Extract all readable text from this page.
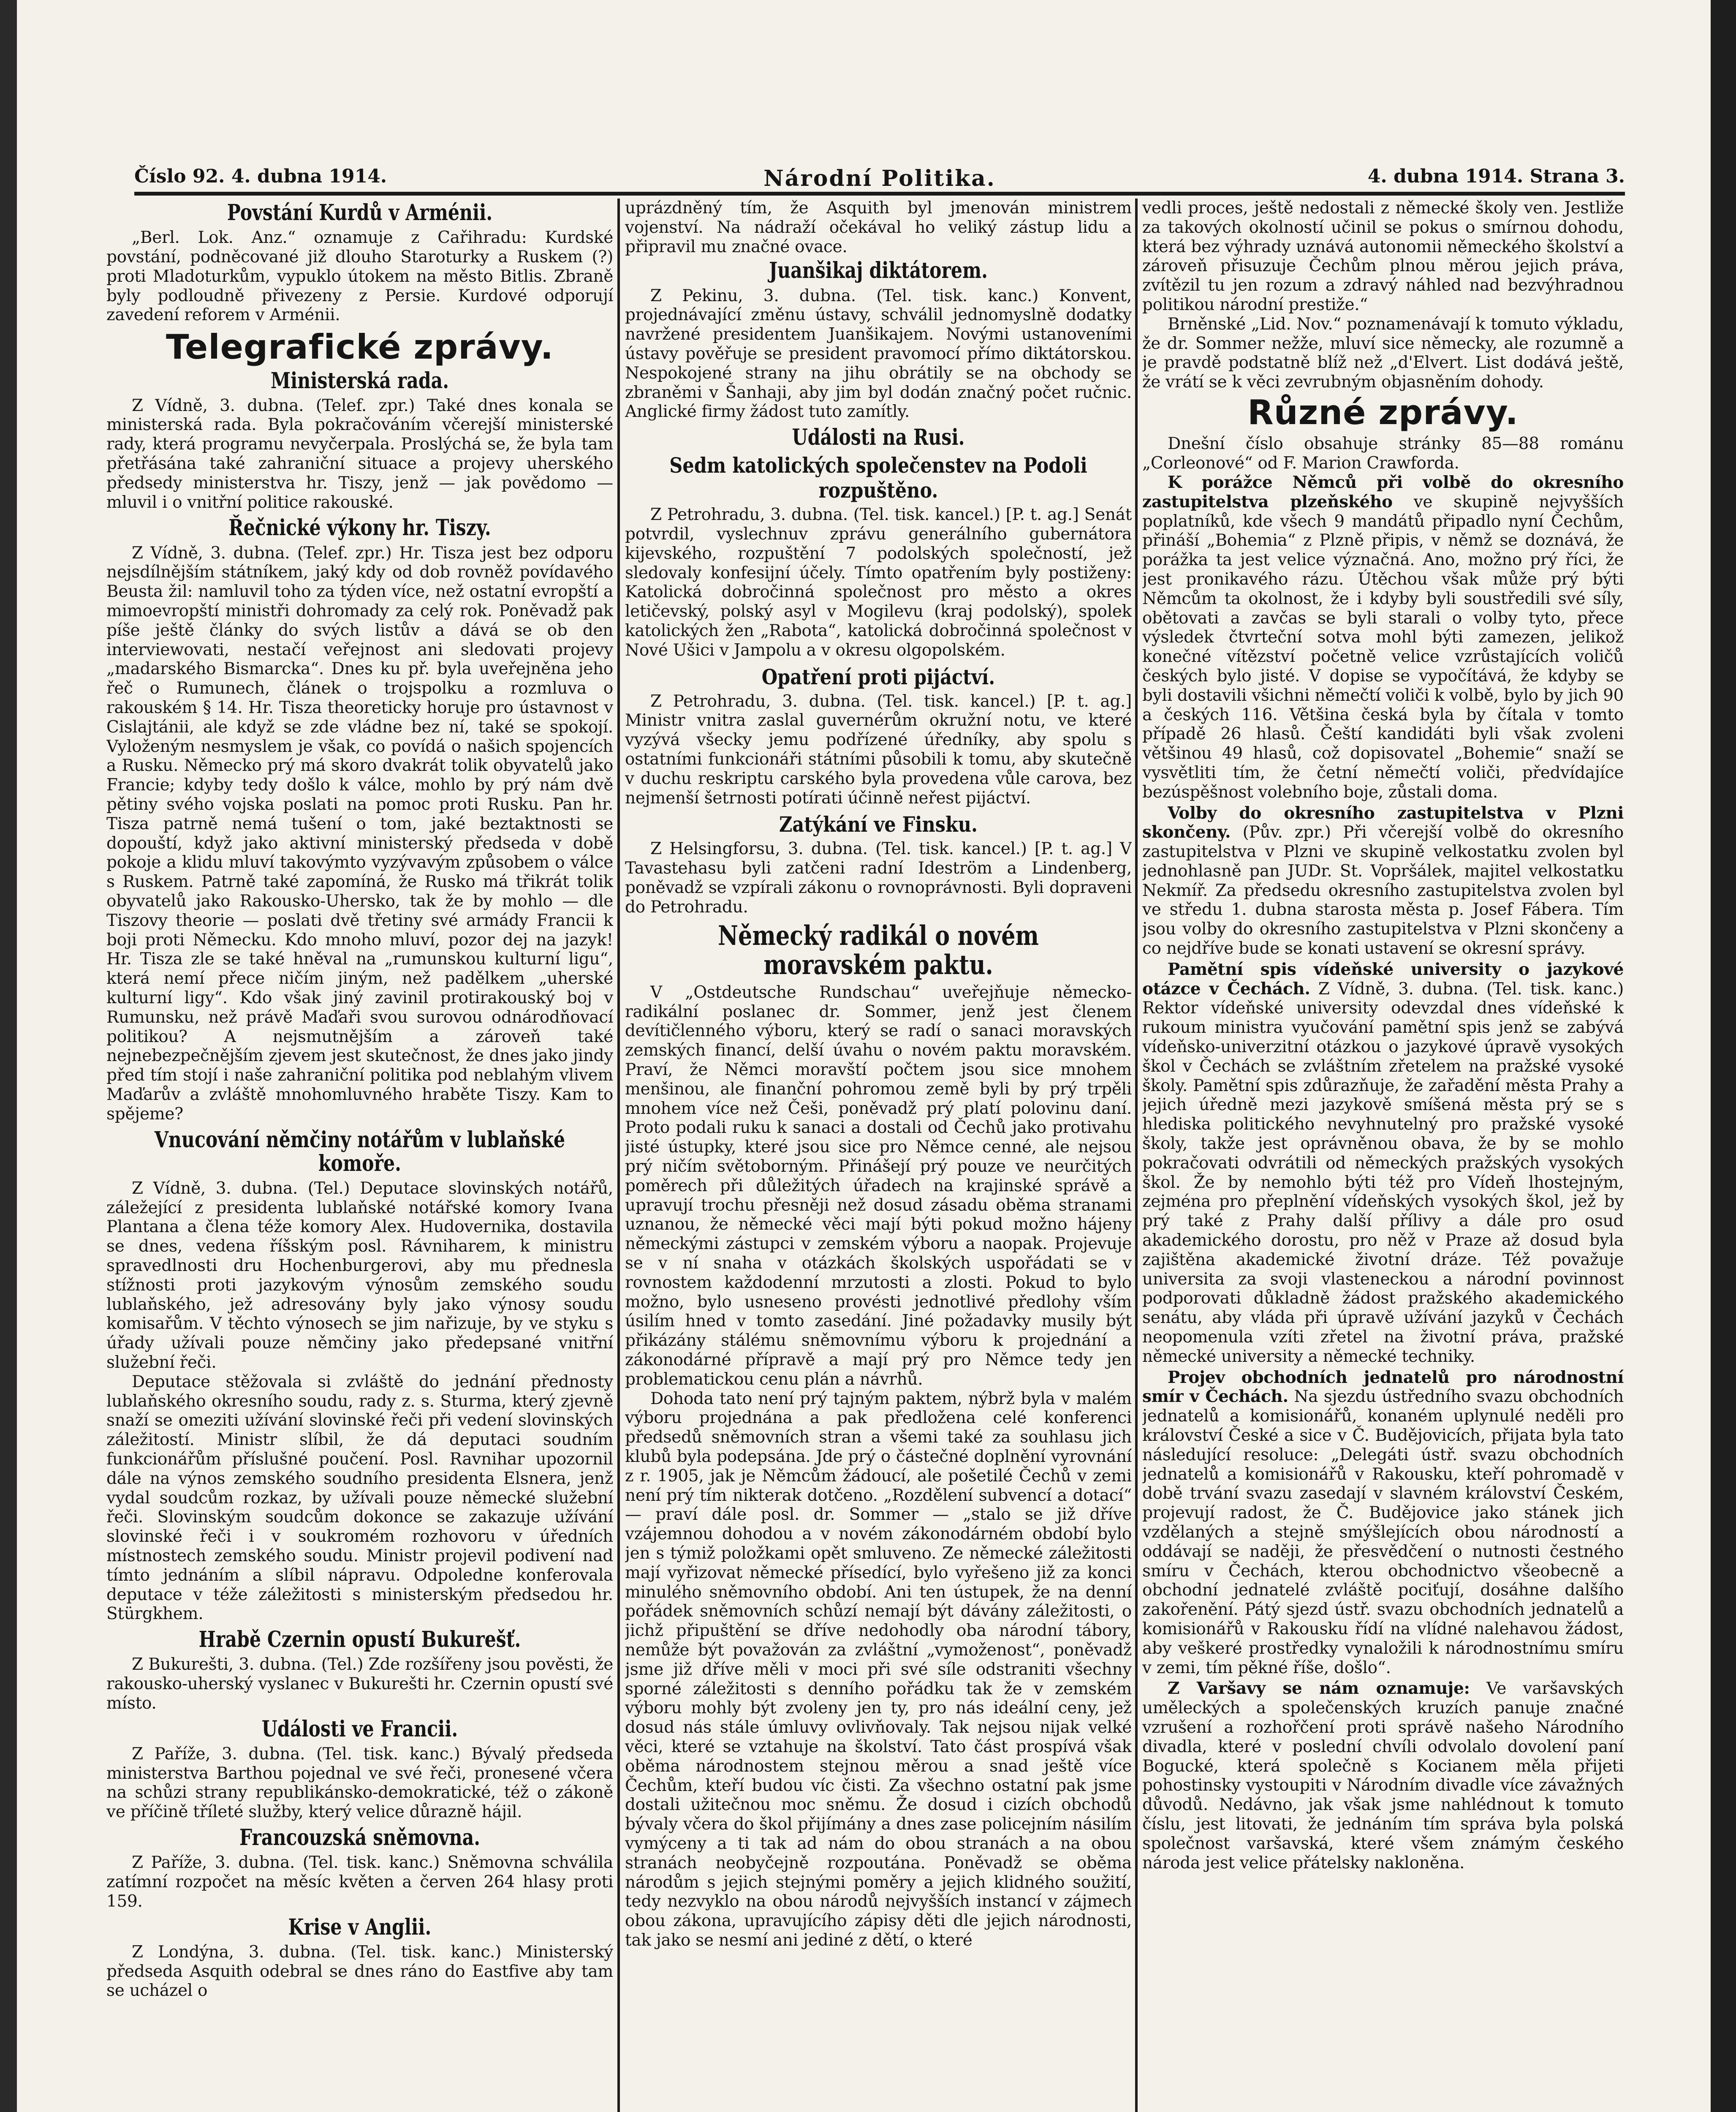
Číslo 92. 4. dubna 1914.	Národní Politika.	4. dubna 1914. Strana 3.
Povstání Kurdů v Arménii.

„Berl. Lok. Anz.“ oznamuje z Cařihradu: Kurdské povstání, podněcované již dlouho Staroturky a Ruskem (?) proti Mladoturkům, vypuklo útokem na město Bitlis. Zbraně byly podloudně přivezeny z Persie. Kurdové odporují zavedení reforem v Arménii.

Telegrafické zprávy.
Ministerská rada.

Z Vídně, 3. dubna. (Telef. zpr.) Také dnes konala se ministerská rada. Byla pokračováním včerejší ministerské rady, která programu nevyčerpala. Proslýchá se, že byla tam přetřásána také zahraniční situace a projevy uherského předsedy ministerstva hr. Tiszy, jenž — jak povědomo — mluvil i o vnitřní politice rakouské.

Řečnické výkony hr. Tiszy.

Z Vídně, 3. dubna. (Telef. zpr.) Hr. Tisza jest bez odporu nejsdílnějším státníkem, jaký kdy od dob rovněž povídavého Beusta žil: namluvil toho za týden více, než ostatní evropští a mimoevropští ministři dohromady za celý rok. Poněvadž pak píše ještě články do svých listův a dává se ob den interviewovati, nestačí veřejnost ani sledovati projevy „madarského Bismarcka“. Dnes ku př. byla uveřejněna jeho řeč o Rumunech, článek o trojspolku a rozmluva o rakouském § 14. Hr. Tisza theoreticky horuje pro ústavnost v Cislajtánii, ale když se zde vládne bez ní, také se spokojí. Vyloženým nesmyslem je však, co povídá o našich spojencích a Rusku. Německo prý má skoro dvakrát tolik obyvatelů jako Francie; kdyby tedy došlo k válce, mohlo by prý nám dvě pětiny svého vojska poslati na pomoc proti Rusku. Pan hr. Tisza patrně nemá tušení o tom, jaké beztaktnosti se dopouští, když jako aktivní ministerský předseda v době pokoje a klidu mluví takovýmto vyzývavým způsobem o válce s Ruskem. Patrně také zapomíná, že Rusko má třikrát tolik obyvatelů jako Rakousko-Uhersko, tak že by mohlo — dle Tiszovy theorie — poslati dvě třetiny své armády Francii k boji proti Německu. Kdo mnoho mluví, pozor dej na jazyk! Hr. Tisza zle se také hněval na „rumunskou kulturní ligu“, která nemí přece ničím jiným, než padělkem „uherské kulturní ligy“. Kdo však jiný zavinil protirakouský boj v Rumunsku, než právě Maďaři svou surovou odnárodňovací politikou? A nejsmutnějším a zároveň také nejnebezpečnějším zjevem jest skutečnost, že dnes jako jindy před tím stojí i naše zahraniční politika pod neblahým vlivem Maďarův a zvláště mnohomluvného hraběte Tiszy. Kam to spějeme?

Vnucování němčiny notářům v lublaňské komoře.

Z Vídně, 3. dubna. (Tel.) Deputace slovinských notářů, záležející z presidenta lublaňské notářské komory Ivana Plantana a člena téže komory Alex. Hudovernika, dostavila se dnes, vedena říšským posl. Rávniharem, k ministru spravedlnosti dru Hochenburgerovi, aby mu přednesla stížnosti proti jazykovým výnosům zemského soudu lublaňského, jež adresovány byly jako výnosy soudu komisařům. V těchto výnosech se jim nařizuje, by ve styku s úřady užívali pouze němčiny jako předepsané vnitřní služební řeči.

Deputace stěžovala si zvláště do jednání přednosty lublaňského okresního soudu, rady z. s. Sturma, který zjevně snaží se omeziti užívání slovinské řeči při vedení slovinských záležitostí. Ministr slíbil, že dá deputaci soudním funkcionářům příslušné poučení. Posl. Ravnihar upozornil dále na výnos zemského soudního presidenta Elsnera, jenž vydal soudcům rozkaz, by užívali pouze německé služební řeči. Slovinským soudcům dokonce se zakazuje užívání slovinské řeči i v soukromém rozhovoru v úředních místnostech zemského soudu. Ministr projevil podivení nad tímto jednáním a slíbil nápravu. Odpoledne konferovala deputace v téže záležitosti s ministerským předsedou hr. Stürgkhem.

Hrabě Czernin opustí Bukurešť.

Z Bukurešti, 3. dubna. (Tel.) Zde rozšířeny jsou pověsti, že rakousko-uherský vyslanec v Bukurešti hr. Czernin opustí své místo.

Události ve Francii.

Z Paříže, 3. dubna. (Tel. tisk. kanc.) Bývalý předseda ministerstva Barthou pojednal ve své řeči, pronesené včera na schůzi strany republikánsko-demokratické, též o zákoně ve příčině tříleté služby, který velice důrazně hájil.

Francouzská sněmovna.

Z Paříže, 3. dubna. (Tel. tisk. kanc.) Sněmovna schválila zatímní rozpočet na měsíc květen a červen 264 hlasy proti 159.

Krise v Anglii.

Z Londýna, 3. dubna. (Tel. tisk. kanc.) Ministerský předseda Asquith odebral se dnes ráno do Eastfive aby tam se ucházel o

uprázdněný tím, že Asquith byl jmenován ministrem vojenství. Na nádraží očekával ho veliký zástup lidu a připravil mu značné ovace.

Juanšikaj diktátorem.

Z Pekinu, 3. dubna. (Tel. tisk. kanc.) Konvent, projednávající změnu ústavy, schválil jednomyslně dodatky navržené presidentem Juanšikajem. Novými ustanoveními ústavy pověřuje se president pravomocí přímo diktátorskou. Nespokojené strany na jihu obrátily se na obchody se zbraněmi v Šanhaji, aby jim byl dodán značný počet ručnic. Anglické firmy žádost tuto zamítly.

Události na Rusi.
Sedm katolických společenstev na Podoli rozpuštěno.

Z Petrohradu, 3. dubna. (Tel. tisk. kancel.) [P. t. ag.] Senát potvrdil, vyslechnuv zprávu generálního gubernátora kijevského, rozpuštění 7 podolských společností, jež sledovaly konfesijní účely. Tímto opatřením byly postiženy: Katolická dobročinná společnost pro město a okres letičevský, polský asyl v Mogilevu (kraj podolský), spolek katolických žen „Rabota“, katolická dobročinná společnost v Nové Ušici v Jampolu a v okresu olgopolském.

Opatření proti pijáctví.

Z Petrohradu, 3. dubna. (Tel. tisk. kancel.) [P. t. ag.] Ministr vnitra zaslal guvernérům okružní notu, ve které vyzývá všecky jemu podřízené úředníky, aby spolu s ostatními funkcionáři státními působili k tomu, aby skutečně v duchu reskriptu carského byla provedena vůle carova, bez nejmenší šetrnosti potírati účinně neřest pijáctví.

Zatýkání ve Finsku.

Z Helsingforsu, 3. dubna. (Tel. tisk. kancel.) [P. t. ag.] V Tavastehasu byli zatčeni radní Ideström a Lindenberg, poněvadž se vzpírali zákonu o rovnoprávnosti. Byli dopraveni do Petrohradu.

Německý radikál o novém moravském paktu.

V „Ostdeutsche Rundschau“ uveřejňuje německo-radikální poslanec dr. Sommer, jenž jest členem devítičlenného výboru, který se radí o sanaci moravských zemských financí, delší úvahu o novém paktu moravském. Praví, že Němci moravští počtem jsou sice mnohem menšinou, ale finanční pohromou země byli by prý trpěli mnohem více než Češi, poněvadž prý platí polovinu daní. Proto podali ruku k sanaci a dostali od Čechů jako protivahu jisté ústupky, které jsou sice pro Němce cenné, ale nejsou prý ničím světoborným. Přinášejí prý pouze ve neurčitých poměrech při důležitých úřadech na krajinské správě a upravují trochu přesněji než dosud zásadu oběma stranami uznanou, že německé věci mají býti pokud možno hájeny německými zástupci v zemském výboru a naopak. Projevuje se v ní snaha v otázkách školských uspořádati se v rovnostem každodenní mrzutosti a zlosti. Pokud to bylo možno, bylo usneseno provésti jednotlivé předlohy vším úsilím hned v tomto zasedání. Jiné požadavky musily být přikázány stálému sněmovnímu výboru k projednání a zákonodárné přípravě a mají prý pro Němce tedy jen problematickou cenu plán a návrhů.

Dohoda tato není prý tajným paktem, nýbrž byla v malém výboru projednána a pak předložena celé konferenci předsedů sněmovních stran a všemi také za souhlasu jich klubů byla podepsána. Jde prý o částečné doplnění vyrovnání z r. 1905, jak je Němcům žádoucí, ale pošetilé Čechů v zemi není prý tím nikterak dotčeno. „Rozdělení subvencí a dotací“ — praví dále posl. dr. Sommer — „stalo se již dříve vzájemnou dohodou a v novém zákonodárném období bylo jen s týmiž položkami opět smluveno. Ze německé záležitosti mají vyřizovat německé přísedící, bylo vyřešeno již za konci minulého sněmovního období. Ani ten ústupek, že na denní pořádek sněmovních schůzí nemají být dávány záležitosti, o jichž připuštění se dříve nedohodly oba národní tábory, nemůže být považován za zvláštní „vymoženost“, poněvadž jsme již dříve měli v moci při své síle odstraniti všechny sporné záležitosti s denního pořádku tak že v zemském výboru mohly být zvoleny jen ty, pro nás ideální ceny, jež dosud nás stále úmluvy ovlivňovaly. Tak nejsou nijak velké věci, které se vztahuje na školství. Tato část prospívá však oběma národnostem stejnou měrou a snad ještě více Čechům, kteří budou víc čisti. Za všechno ostatní pak jsme dostali užitečnou moc sněmu. Že dosud i cizích obchodů bývaly včera do škol přijímány a dnes zase policejním násilím vymýceny a ti tak ad nám do obou stranách a na obou stranách neobyčejně rozpoutána. Poněvadž se oběma národům s jejich stejnými poměry a jejich klidného soužití, tedy nezvyklo na obou národů nejvyšších instancí v zájmech obou zákona, upravujícího zápisy děti dle jejich národnosti, tak jako se nesmí ani jediné z dětí, o které

vedli proces, ještě nedostali z německé školy ven. Jestliže za takových okolností učinil se pokus o smírnou dohodu, která bez výhrady uznává autonomii německého školství a zároveň přisuzuje Čechům plnou měrou jejich práva, zvítězil tu jen rozum a zdravý náhled nad bezvýhradnou politikou národní prestiže.“

Brněnské „Lid. Nov.“ poznamenávají k tomuto výkladu, že dr. Sommer nežže, mluví sice německy, ale rozumně a je pravdě podstatně blíž než „d'Elvert. List dodává ještě, že vrátí se k věci zevrubným objasněním dohody.

Různé zprávy.

Dnešní číslo obsahuje stránky 85—88 románu „Corleonové“ od F. Marion Crawforda.

K porážce Němců při volbě do okresního zastupitelstva plzeňského ve skupině nejvyšších poplatníků, kde všech 9 mandátů připadlo nyní Čechům, přináší „Bohemia“ z Plzně připis, v němž se doznává, že porážka ta jest velice význačná. Ano, možno prý říci, že jest pronikavého rázu. Útěchou však může prý býti Němcům ta okolnost, že i kdyby byli soustředili své síly, obětovati a zavčas se byli starali o volby tyto, přece výsledek čtvrteční sotva mohl býti zamezen, jelikož konečné vítězství početně velice vzrůstajících voličů českých bylo jisté. V dopise se vypočítává, že kdyby se byli dostavili všichni němečtí voliči k volbě, bylo by jich 90 a českých 116. Většina česká byla by čítala v tomto případě 26 hlasů. Čeští kandidáti byli však zvoleni většinou 49 hlasů, což dopisovatel „Bohemie“ snaží se vysvětliti tím, že četní němečtí voliči, předvídajíce bezúspěšnost volebního boje, zůstali doma.

Volby do okresního zastupitelstva v Plzni skončeny. (Pův. zpr.) Při včerejší volbě do okresního zastupitelstva v Plzni ve skupině velkostatku zvolen byl jednohlasně pan JUDr. St. Vopršálek, majitel velkostatku Nekmíř. Za předsedu okresního zastupitelstva zvolen byl ve středu 1. dubna starosta města p. Josef Fábera. Tím jsou volby do okresního zastupitelstva v Plzni skončeny a co nejdříve bude se konati ustavení se okresní správy.

Pamětní spis vídeňské university o jazykové otázce v Čechách. Z Vídně, 3. dubna. (Tel. tisk. kanc.) Rektor vídeňské university odevzdal dnes vídeňské k rukoum ministra vyučování pamětní spis jenž se zabývá vídeňsko-univerzitní otázkou o jazykové úpravě vysokých škol v Čechách se zvláštním zřetelem na pražské vysoké školy. Pamětní spis zdůrazňuje, že zařadění města Prahy a jejich úředně mezi jazykově smíšená města prý se s hlediska politického nevyhnutelný pro pražské vysoké školy, takže jest oprávněnou obava, že by se mohlo pokračovati odvrátili od německých pražských vysokých škol. Že by nemohlo býti též pro Vídeň lhostejným, zejména pro přeplnění vídeňských vysokých škol, jež by prý také z Prahy další přílivy a dále pro osud akademického dorostu, pro něž v Praze až dosud byla zajištěna akademické životní dráze. Též považuje universita za svoji vlasteneckou a národní povinnost podporovati důkladně žádost pražského akademického senátu, aby vláda při úpravě užívání jazyků v Čechách neopomenula vzíti zřetel na životní práva, pražské německé university a německé techniky.

Projev obchodních jednatelů pro národnostní smír v Čechách. Na sjezdu ústředního svazu obchodních jednatelů a komisionářů, konaném uplynulé neděli pro království České a sice v Č. Budějovicích, přijata byla tato následující resoluce: „Delegáti ústř. svazu obchodních jednatelů a komisionářů v Rakousku, kteří pohromadě v době trvání svazu zasedají v slavném království Českém, projevují radost, že Č. Budějovice jako stánek jich vzdělaných a stejně smýšlejících obou národností a oddávají se naději, že přesvědčení o nutnosti čestného smíru v Čechách, kterou obchodnictvo všeobecně a obchodní jednatelé zvláště pociťují, dosáhne dalšího zakořenění. Pátý sjezd ústř. svazu obchodních jednatelů a komisionářů v Rakousku řídí na vlídné nalehavou žádost, aby veškeré prostředky vynaložili k národnostnímu smíru v zemi, tím pěkné říše, došlo“.

Z Varšavy se nám oznamuje: Ve varšavských uměleckých a společenských kruzích panuje značné vzrušení a rozhořčení proti správě našeho Národního divadla, které v poslední chvíli odvolalo dovolení paní Bogucké, která společně s Kocianem měla přijeti pohostinsky vystoupiti v Národním divadle více závažných důvodů. Nedávno, jak však jsme nahlédnout k tomuto číslu, jest litovati, že jednáním tím správa byla polská společnost varšavská, které všem známým českého národa jest velice přátelsky nakloněna.
